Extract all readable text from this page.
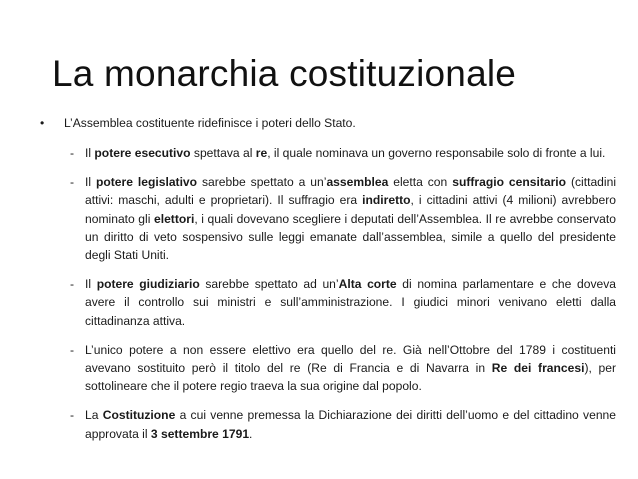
La monarchia costituzionale
• L’Assemblea costituente ridefinisce i poteri dello Stato.
- Il potere esecutivo spettava al re, il quale nominava un governo responsabile solo di fronte a lui.
- Il potere legislativo sarebbe spettato a un’assemblea eletta con suffragio censitario (cittadini attivi: maschi, adulti e proprietari). Il suffragio era indiretto, i cittadini attivi (4 milioni) avrebbero nominato gli elettori, i quali dovevano scegliere i deputati dell’Assemblea. Il re avrebbe conservato un diritto di veto sospensivo sulle leggi emanate dall’assemblea, simile a quello del presidente degli Stati Uniti.
- Il potere giudiziario sarebbe spettato ad un’Alta corte di nomina parlamentare e che doveva avere il controllo sui ministri e sull’amministrazione. I giudici minori venivano eletti dalla cittadinanza attiva.
- L’unico potere a non essere elettivo era quello del re. Già nell’Ottobre del 1789 i costituenti avevano sostituito però il titolo del re (Re di Francia e di Navarra in Re dei francesi), per sottolineare che il potere regio traeva la sua origine dal popolo.
- La Costituzione a cui venne premessa la Dichiarazione dei diritti dell’uomo e del cittadino venne approvata il 3 settembre 1791.
